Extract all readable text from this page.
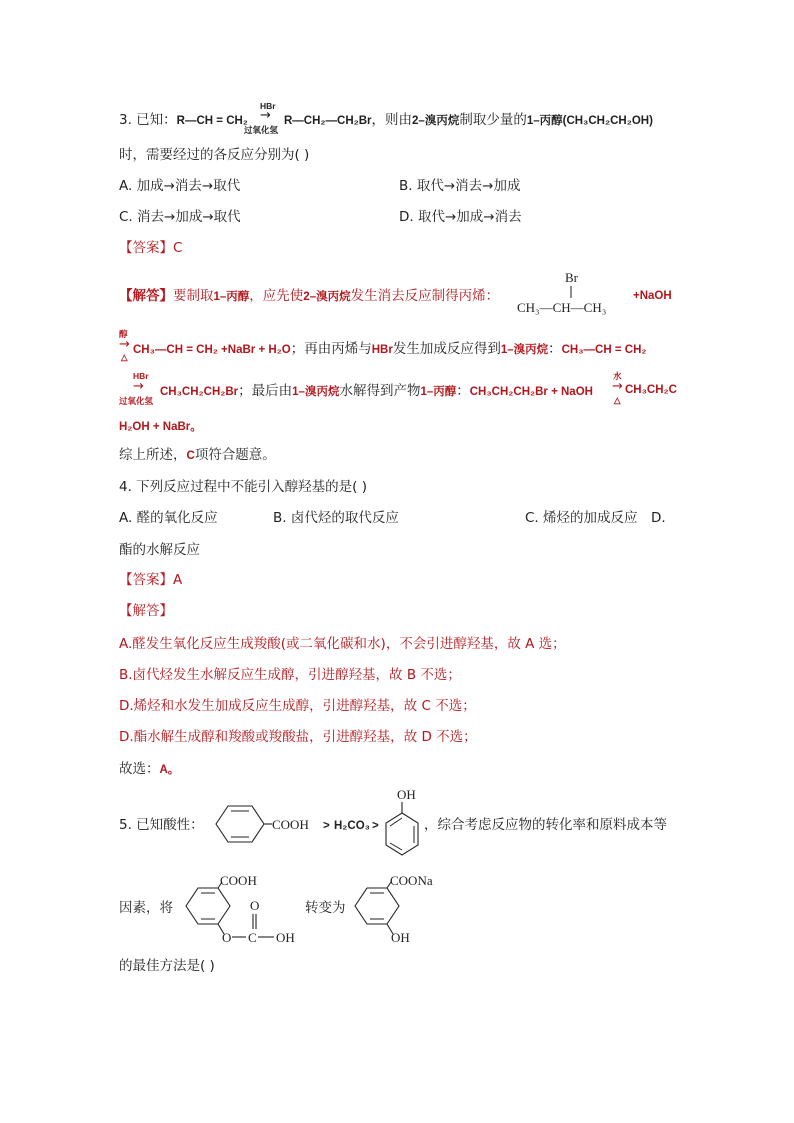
3. 已知：R—CH = CH₂
HBr
→
过氧化氢
R—CH₂—CH₂Br，则由2–溴丙烷制取少量的1–丙醇(CH₃CH₂CH₂OH)
时，需要经过的各反应分别为( )
A. 加成→消去→取代	B. 取代→消去→加成
C. 消去→加成→取代	D. 取代→加成→消去
【答案】C
【解答】要制取1–丙醇，应先使2–溴丙烷发生消去反应制得丙烯：
Br
CH₃—CH—CH₃
+NaOH
醇
→
△
CH₃—CH = CH₂ +NaBr + H₂O；再由丙烯与HBr发生加成反应得到1–溴丙烷：CH₃—CH = CH₂
HBr
→
过氧化氢
CH₃CH₂CH₂Br；最后由1–溴丙烷水解得到产物1–丙醇：CH₃CH₂CH₂Br + NaOH
水
→
△
CH₃CH₂C
H₂OH + NaBr。
综上所述，C项符合题意。
4. 下列反应过程中不能引入醇羟基的是( )
A. 醛的氧化反应	B. 卤代烃的取代反应	C. 烯烃的加成反应 D.
酯的水解反应
【答案】A
【解答】
A.醛发生氧化反应生成羧酸(或二氧化碳和水)，不会引进醇羟基，故 A 选；
B.卤代烃发生水解反应生成醇，引进醇羟基，故 B 不选；
D.烯烃和水发生加成反应生成醇，引进醇羟基，故 C 不选；
D.酯水解生成醇和羧酸或羧酸盐，引进醇羟基，故 D 不选；
故选：A。
5. 已知酸性：	COOH > H₂CO₃ >
OH
，综合考虑反应物的转化率和原料成本等
因素，将
COOH
O C
O
OH
转变为
COONa
OH
的最佳方法是( )
